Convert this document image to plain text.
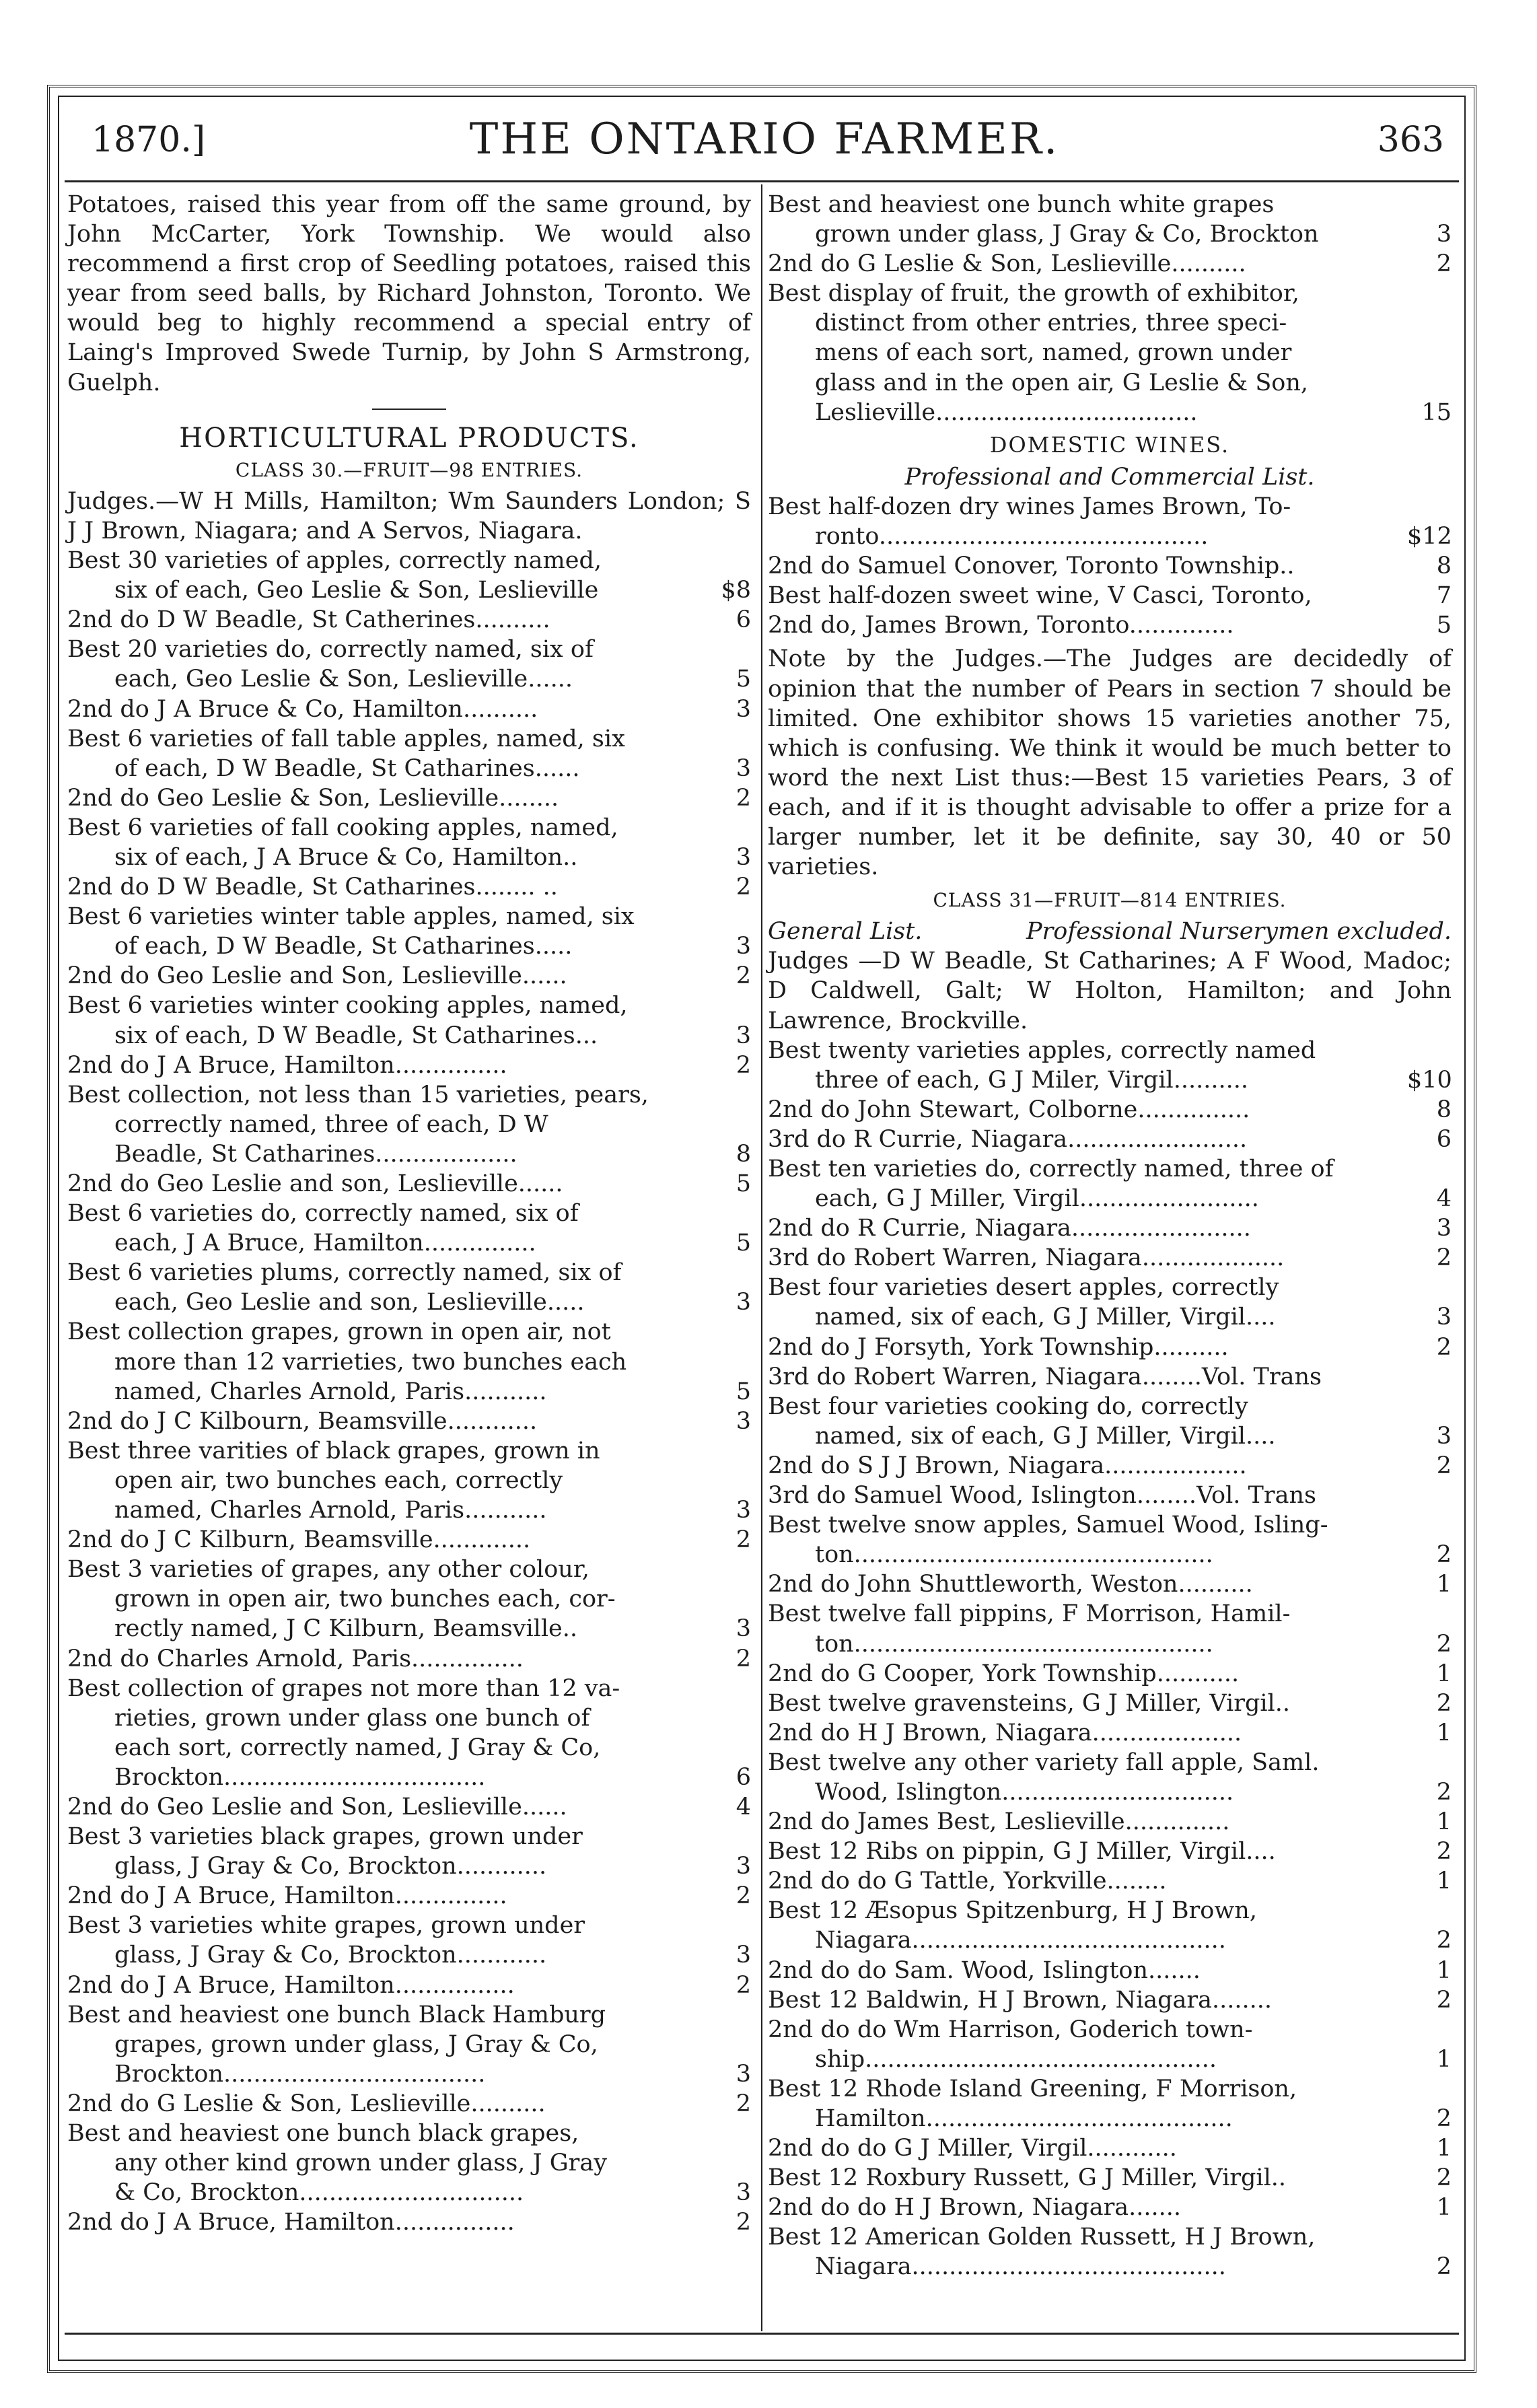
1870.]	THE ONTARIO FARMER.	363

Potatoes, raised this year from off the same ground, by John McCarter, York Township. We would also recommend a first crop of Seedling potatoes, raised this year from seed balls, by Richard Johnston, Toronto. We would beg to highly recommend a special entry of Laing's Improved Swede Turnip, by John S Armstrong, Guelph.

HORTICULTURAL PRODUCTS.
CLASS 30.—FRUIT—98 ENTRIES.

Judges.—W H Mills, Hamilton; Wm Saunders London; S J J Brown, Niagara; and A Servos, Niagara.

Best 30 varieties of apples, correctly named,
six of each, Geo Leslie & Son, Leslieville	$8
2nd do D W Beadle, St Catherines..........	6
Best 20 varieties do, correctly named, six of
each, Geo Leslie & Son, Leslieville......	5
2nd do J A Bruce & Co, Hamilton..........	3
Best 6 varieties of fall table apples, named, six
of each, D W Beadle, St Catharines......	3
2nd do Geo Leslie & Son, Leslieville........	2
Best 6 varieties of fall cooking apples, named,
six of each, J A Bruce & Co, Hamilton..	3
2nd do D W Beadle, St Catharines........ ..	2
Best 6 varieties winter table apples, named, six
of each, D W Beadle, St Catharines.....	3
2nd do Geo Leslie and Son, Leslieville......	2
Best 6 varieties winter cooking apples, named,
six of each, D W Beadle, St Catharines...	3
2nd do J A Bruce, Hamilton...............	2
Best collection, not less than 15 varieties, pears,
correctly named, three of each, D W
Beadle, St Catharines...................	8
2nd do Geo Leslie and son, Leslieville......	5
Best 6 varieties do, correctly named, six of
each, J A Bruce, Hamilton...............	5
Best 6 varieties plums, correctly named, six of
each, Geo Leslie and son, Leslieville.....	3
Best collection grapes, grown in open air, not
more than 12 varrieties, two bunches each
named, Charles Arnold, Paris...........	5
2nd do J C Kilbourn, Beamsville............	3
Best three varities of black grapes, grown in
open air, two bunches each, correctly
named, Charles Arnold, Paris...........	3
2nd do J C Kilburn, Beamsville.............	2
Best 3 varieties of grapes, any other colour,
grown in open air, two bunches each, cor-
rectly named, J C Kilburn, Beamsville..	3
2nd do Charles Arnold, Paris...............	2
Best collection of grapes not more than 12 va-
rieties, grown under glass one bunch of
each sort, correctly named, J Gray & Co,
Brockton...................................	6
2nd do Geo Leslie and Son, Leslieville......	4
Best 3 varieties black grapes, grown under
glass, J Gray & Co, Brockton............	3
2nd do J A Bruce, Hamilton...............	2
Best 3 varieties white grapes, grown under
glass, J Gray & Co, Brockton............	3
2nd do J A Bruce, Hamilton................	2
Best and heaviest one bunch Black Hamburg
grapes, grown under glass, J Gray & Co,
Brockton...................................	3
2nd do G Leslie & Son, Leslieville..........	2
Best and heaviest one bunch black grapes,
any other kind grown under glass, J Gray
& Co, Brockton..............................	3
2nd do J A Bruce, Hamilton................	2
Best and heaviest one bunch white grapes
grown under glass, J Gray & Co, Brockton	3
2nd do G Leslie & Son, Leslieville..........	2
Best display of fruit, the growth of exhibitor,
distinct from other entries, three speci-
mens of each sort, named, grown under
glass and in the open air, G Leslie & Son,
Leslieville...................................	15
DOMESTIC WINES.

Professional and Commercial List.

Best half-dozen dry wines James Brown, To-
ronto............................................	$12
2nd do Samuel Conover, Toronto Township..	8
Best half-dozen sweet wine, V Casci, Toronto,	7
2nd do, James Brown, Toronto..............	5

Note by the Judges.—The Judges are decidedly of opinion that the number of Pears in section 7 should be limited. One exhibitor shows 15 varieties another 75, which is confusing. We think it would be much better to word the next List thus:—Best 15 varieties Pears, 3 of each, and if it is thought advisable to offer a prize for a larger number, let it be definite, say 30, 40 or 50 varieties.

CLASS 31—FRUIT—814 ENTRIES.
General List.	Professional Nurserymen excluded.

Judges —D W Beadle, St Catharines; A F Wood, Madoc; D Caldwell, Galt; W Holton, Hamilton; and John Lawrence, Brockville.

Best twenty varieties apples, correctly named
three of each, G J Miler, Virgil..........	$10
2nd do John Stewart, Colborne...............	8
3rd do R Currie, Niagara........................	6
Best ten varieties do, correctly named, three of
each, G J Miller, Virgil........................	4
2nd do R Currie, Niagara........................	3
3rd do Robert Warren, Niagara...................	2
Best four varieties desert apples, correctly
named, six of each, G J Miller, Virgil....	3
2nd do J Forsyth, York Township..........	2
3rd do Robert Warren, Niagara........Vol. Trans
Best four varieties cooking do, correctly
named, six of each, G J Miller, Virgil....	3
2nd do S J J Brown, Niagara...................	2
3rd do Samuel Wood, Islington........Vol. Trans
Best twelve snow apples, Samuel Wood, Isling-
ton................................................	2
2nd do John Shuttleworth, Weston..........	1
Best twelve fall pippins, F Morrison, Hamil-
ton................................................	2
2nd do G Cooper, York Township...........	1
Best twelve gravensteins, G J Miller, Virgil..	2
2nd do H J Brown, Niagara....................	1
Best twelve any other variety fall apple, Saml.
Wood, Islington...............................	2
2nd do James Best, Leslieville..............	1
Best 12 Ribs on pippin, G J Miller, Virgil....	2
2nd do do G Tattle, Yorkville........	1
Best 12 Æsopus Spitzenburg, H J Brown,
Niagara..........................................	2
2nd do do Sam. Wood, Islington.......	1
Best 12 Baldwin, H J Brown, Niagara........	2
2nd do do Wm Harrison, Goderich town-
ship...............................................	1
Best 12 Rhode Island Greening, F Morrison,
Hamilton.........................................	2
2nd do do G J Miller, Virgil............	1
Best 12 Roxbury Russett, G J Miller, Virgil..	2
2nd do do H J Brown, Niagara.......	1
Best 12 American Golden Russett, H J Brown,
Niagara..........................................	2
